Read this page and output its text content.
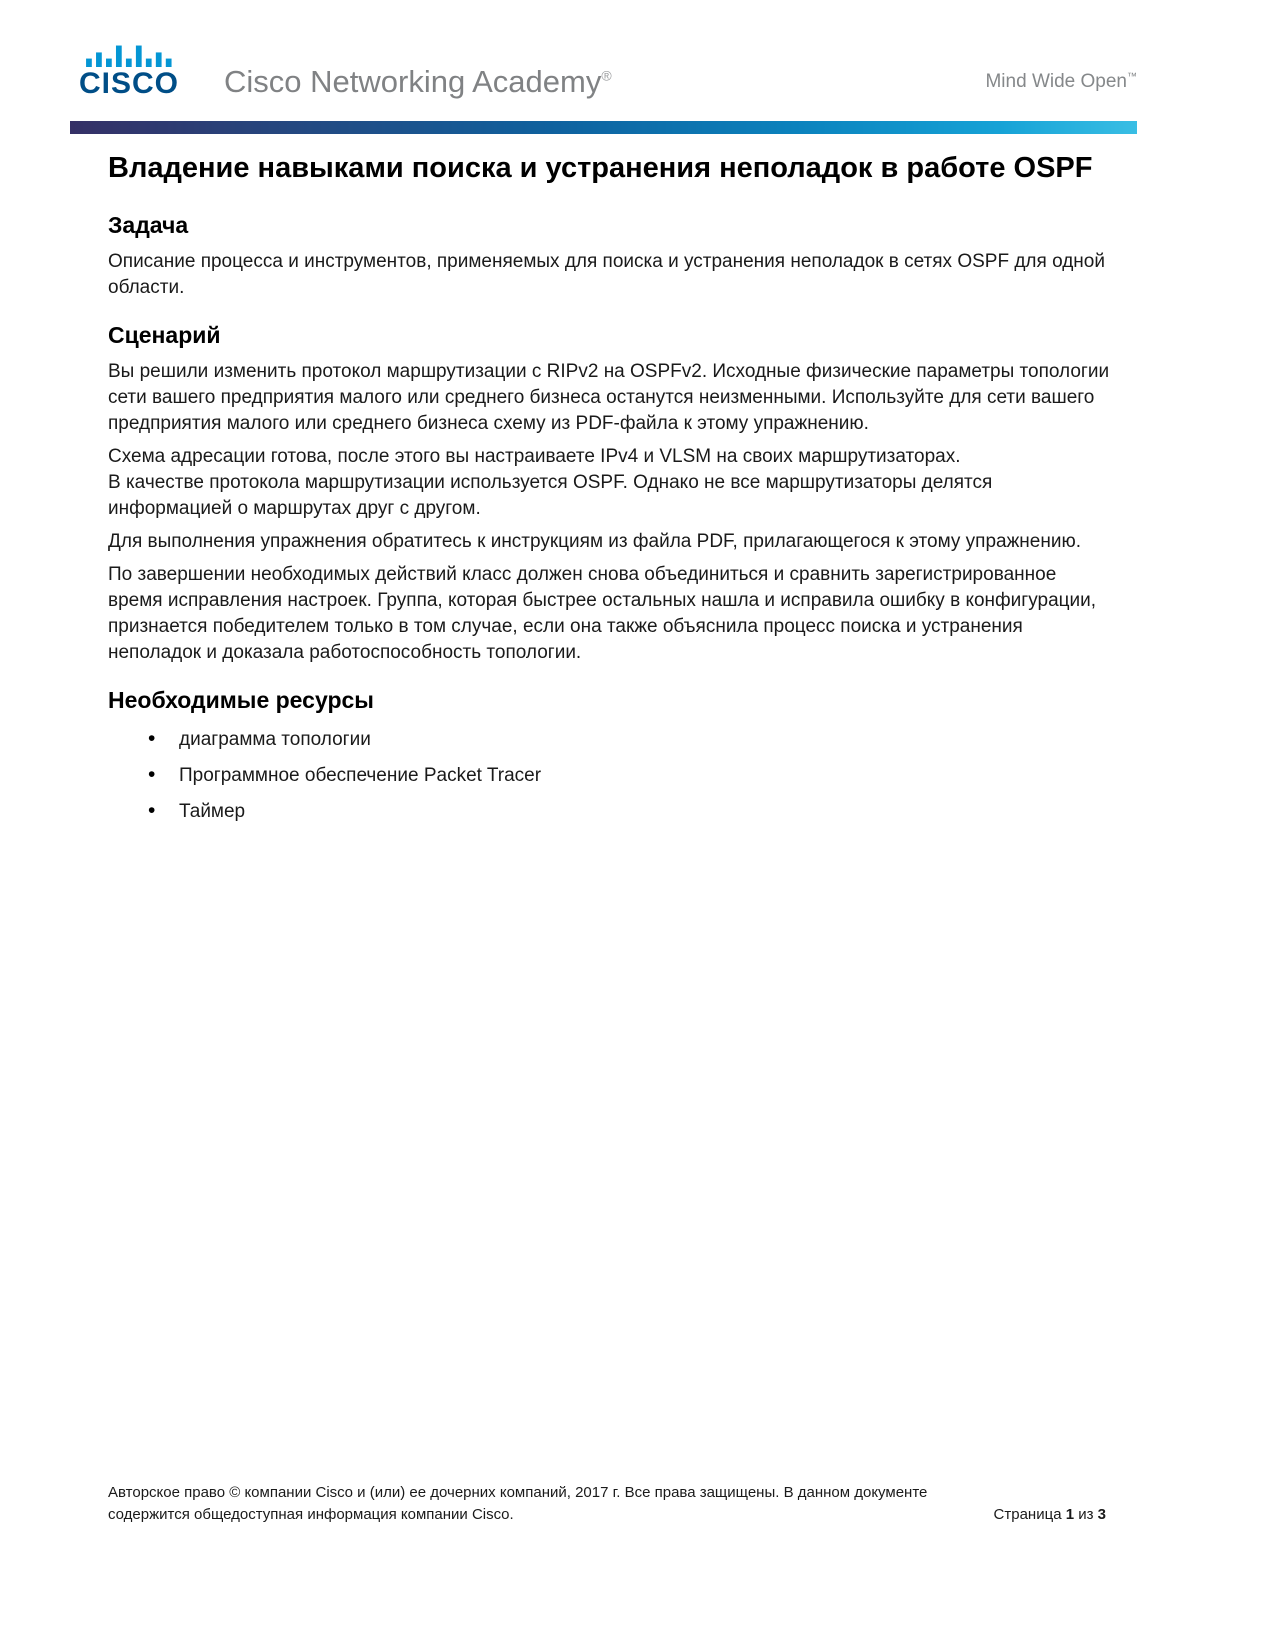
CISCO Cisco Networking Academy®	Mind Wide Open™
Владение навыками поиска и устранения неполадок в работе OSPF
Задача

Описание процесса и инструментов, применяемых для поиска и устранения неполадок в сетях OSPF для одной области.

Сценарий

Вы решили изменить протокол маршрутизации с RIPv2 на OSPFv2. Исходные физические параметры топологии сети вашего предприятия малого или среднего бизнеса останутся неизменными. Используйте для сети вашего предприятия малого или среднего бизнеса схему из PDF-файла к этому упражнению.

Схема адресации готова, после этого вы настраиваете IPv4 и VLSM на своих маршрутизаторах.

В качестве протокола маршрутизации используется OSPF. Однако не все маршрутизаторы делятся информацией о маршрутах друг с другом.

Для выполнения упражнения обратитесь к инструкциям из файла PDF, прилагающегося к этому упражнению.

По завершении необходимых действий класс должен снова объединиться и сравнить зарегистрированное время исправления настроек. Группа, которая быстрее остальных нашла и исправила ошибку в конфигурации, признается победителем только в том случае, если она также объяснила процесс поиска и устранения неполадок и доказала работоспособность топологии.

Необходимые ресурсы
•
диаграмма топологии
•
Программное обеспечение Packet Tracer
•
Таймер

Авторское право © компании Cisco и (или) ее дочерних компаний, 2017 г. Все права защищены. В данном документе содержится общедоступная информация компании Cisco.	Страница 1 из 3
